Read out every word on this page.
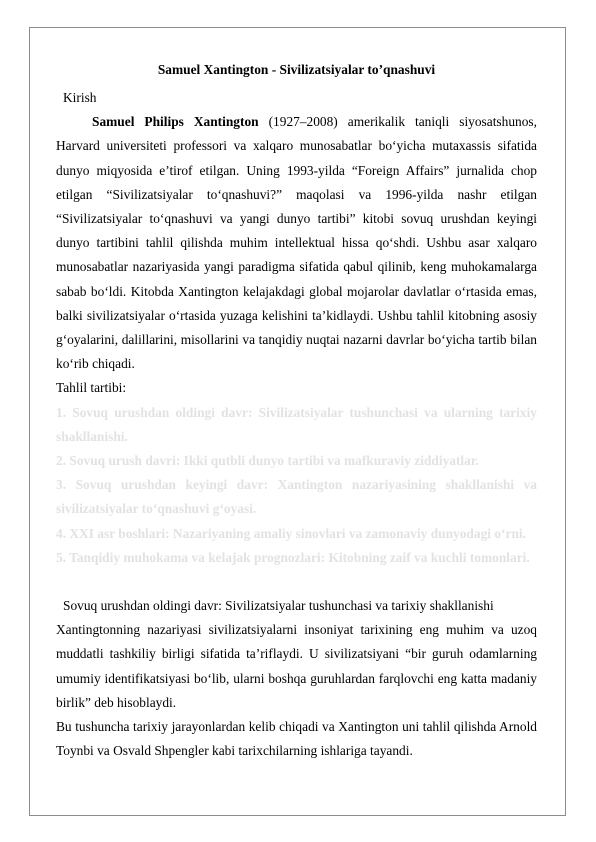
Samuel Xantington - Sivilizatsiyalar to’qnashuvi
Kirish

Samuel Philips Xantington (1927–2008) amerikalik taniqli siyosatshunos, Harvard universiteti professori va xalqaro munosabatlar bo‘yicha mutaxassis sifatida dunyo miqyosida e’tirof etilgan. Uning 1993-yilda “Foreign Affairs” jurnalida chop etilgan “Sivilizatsiyalar to‘qnashuvi?” maqolasi va 1996-yilda nashr etilgan “Sivilizatsiyalar to‘qnashuvi va yangi dunyo tartibi” kitobi sovuq urushdan keyingi dunyo tartibini tahlil qilishda muhim intellektual hissa qo‘shdi. Ushbu asar xalqaro munosabatlar nazariyasida yangi paradigma sifatida qabul qilinib, keng muhokamalarga sabab bo‘ldi. Kitobda Xantington kelajakdagi global mojarolar davlatlar o‘rtasida emas, balki sivilizatsiyalar o‘rtasida yuzaga kelishini ta’kidlaydi. Ushbu tahlil kitobning asosiy g‘oyalarini, dalillarini, misollarini va tanqidiy nuqtai nazarni davrlar bo‘yicha tartib bilan ko‘rib chiqadi.

Tahlil tartibi:
1. Sovuq urushdan oldingi davr: Sivilizatsiyalar tushunchasi va ularning tarixiy shakllanishi.
2. Sovuq urush davri: Ikki qutbli dunyo tartibi va mafkuraviy ziddiyatlar.
3. Sovuq urushdan keyingi davr: Xantington nazariyasining shakllanishi va sivilizatsiyalar to‘qnashuvi g‘oyasi.
4. XXI asr boshlari: Nazariyaning amaliy sinovlari va zamonaviy dunyodagi o‘rni.
5. Tanqidiy muhokama va kelajak prognozlari: Kitobning zaif va kuchli tomonlari.
Sovuq urushdan oldingi davr: Sivilizatsiyalar tushunchasi va tarixiy shakllanishi

Xantingtonning nazariyasi sivilizatsiyalarni insoniyat tarixining eng muhim va uzoq muddatli tashkiliy birligi sifatida ta’riflaydi. U sivilizatsiyani “bir guruh odamlarning umumiy identifikatsiyasi bo‘lib, ularni boshqa guruhlardan farqlovchi eng katta madaniy birlik” deb hisoblaydi.

Bu tushuncha tarixiy jarayonlardan kelib chiqadi va Xantington uni tahlil qilishda Arnold Toynbi va Osvald Shpengler kabi tarixchilarning ishlariga tayandi.
